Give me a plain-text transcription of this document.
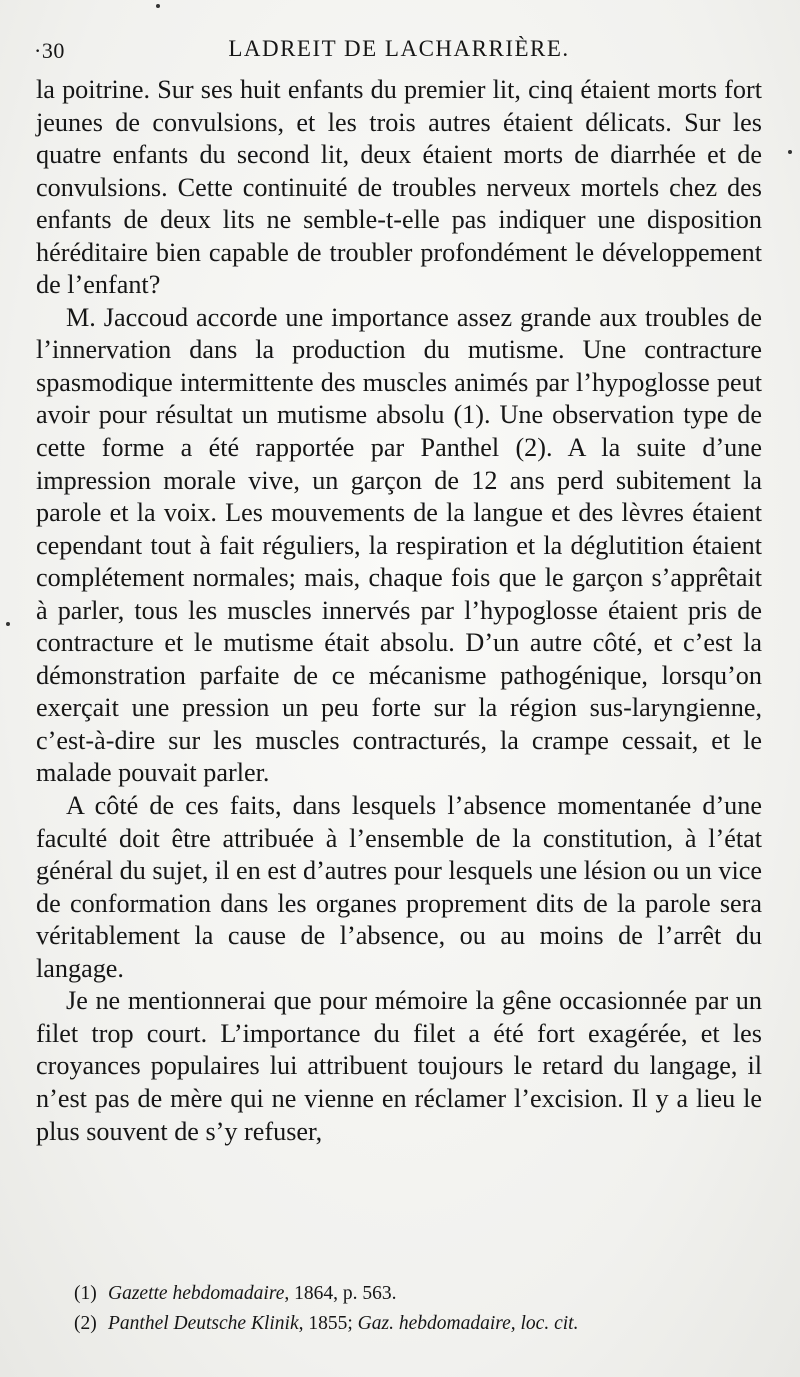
·30	LADREIT DE LACHARRIÈRE.

la poitrine. Sur ses huit enfants du premier lit, cinq étaient morts fort jeunes de convulsions, et les trois autres étaient délicats. Sur les quatre enfants du second lit, deux étaient morts de diarrhée et de convulsions. Cette continuité de troubles nerveux mortels chez des enfants de deux lits ne semble-t-elle pas indiquer une disposition héréditaire bien capable de troubler profondément le développement de l’enfant?

M. Jaccoud accorde une importance assez grande aux troubles de l’innervation dans la production du mutisme. Une contracture spasmodique intermittente des muscles animés par l’hypoglosse peut avoir pour résultat un mutisme absolu (1). Une observation type de cette forme a été rapportée par Panthel (2). A la suite d’une impression morale vive, un garçon de 12 ans perd subitement la parole et la voix. Les mouvements de la langue et des lèvres étaient cependant tout à fait réguliers, la respiration et la déglutition étaient complétement normales; mais, chaque fois que le garçon s’apprêtait à parler, tous les muscles innervés par l’hypoglosse étaient pris de contracture et le mutisme était absolu. D’un autre côté, et c’est la démonstration parfaite de ce mécanisme pathogénique, lorsqu’on exerçait une pression un peu forte sur la région sus-laryngienne, c’est-à-dire sur les muscles contracturés, la crampe cessait, et le malade pouvait parler.

A côté de ces faits, dans lesquels l’absence momentanée d’une faculté doit être attribuée à l’ensemble de la constitution, à l’état général du sujet, il en est d’autres pour lesquels une lésion ou un vice de conformation dans les organes proprement dits de la parole sera véritablement la cause de l’absence, ou au moins de l’arrêt du langage.

Je ne mentionnerai que pour mémoire la gêne occasionnée par un filet trop court. L’importance du filet a été fort exagérée, et les croyances populaires lui attribuent toujours le retard du langage, il n’est pas de mère qui ne vienne en réclamer l’excision. Il y a lieu le plus souvent de s’y refuser,

(1) Gazette hebdomadaire, 1864, p. 563.
(2) Panthel Deutsche Klinik, 1855; Gaz. hebdomadaire, loc. cit.
